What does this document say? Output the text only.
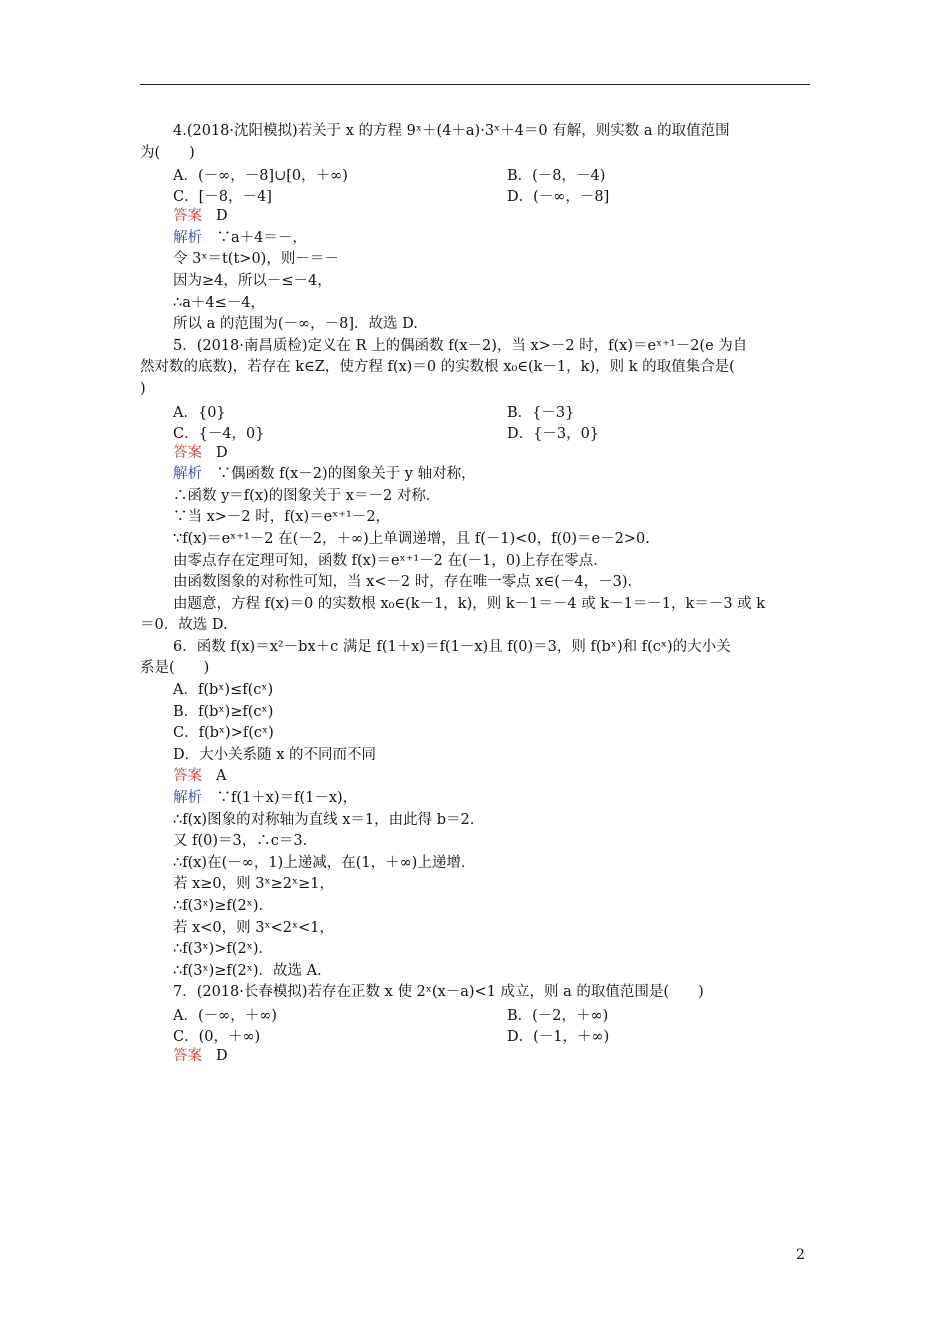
4.(2018·沈阳模拟)若关于 x 的方程 9ˣ＋(4＋a)·3ˣ＋4＝0 有解，则实数 a 的取值范围
为(　　)
A．(－∞，－8]∪[0，＋∞)	B．(－8，－4)
C．[－8，－4]	D．(－∞，－8]
答案 D
解析　 ∵a＋4＝－，
令 3ˣ＝t(t>0)，则－＝－
因为≥4，所以－≤－4，
∴a＋4≤－4，
所以 a 的范围为(－∞，－8]．故选 D.
5．(2018·南昌质检)定义在 R 上的偶函数 f(x－2)，当 x>－2 时，f(x)＝eˣ⁺¹－2(e 为自
然对数的底数)，若存在 k∈Z，使方程 f(x)＝0 的实数根 x₀∈(k－1，k)，则 k 的取值集合是(
)
A．{0}	B．{－3}
C．{－4，0}	D．{－3，0}
答案 D
解析　 ∵偶函数 f(x－2)的图象关于 y 轴对称，
∴函数 y＝f(x)的图象关于 x＝－2 对称．
∵当 x>－2 时，f(x)＝eˣ⁺¹－2，
∵f(x)＝eˣ⁺¹－2 在(－2，＋∞)上单调递增，且 f(－1)<0，f(0)＝e－2>0.
由零点存在定理可知，函数 f(x)＝eˣ⁺¹－2 在(－1，0)上存在零点．
由函数图象的对称性可知，当 x<－2 时，存在唯一零点 x∈(－4，－3)．
由题意，方程 f(x)＝0 的实数根 x₀∈(k－1，k)，则 k－1＝－4 或 k－1＝－1，k＝－3 或 k
＝0．故选 D.
6．函数 f(x)＝x²－bx＋c 满足 f(1＋x)＝f(1－x)且 f(0)＝3，则 f(bˣ)和 f(cˣ)的大小关
系是(　　)
A．f(bˣ)≤f(cˣ)
B．f(bˣ)≥f(cˣ)
C．f(bˣ)>f(cˣ)
D．大小关系随 x 的不同而不同
答案 A
解析　 ∵f(1＋x)＝f(1－x)，
∴f(x)图象的对称轴为直线 x＝1，由此得 b＝2.
又 f(0)＝3，∴c＝3.
∴f(x)在(－∞，1)上递减，在(1，＋∞)上递增．
若 x≥0，则 3ˣ≥2ˣ≥1，
∴f(3ˣ)≥f(2ˣ)．
若 x<0，则 3ˣ<2ˣ<1，
∴f(3ˣ)>f(2ˣ)．
∴f(3ˣ)≥f(2ˣ)．故选 A.
7．(2018·长春模拟)若存在正数 x 使 2ˣ(x－a)<1 成立，则 a 的取值范围是(　　)
A．(－∞，＋∞)	B．(－2，＋∞)
C．(0，＋∞)	D．(－1，＋∞)
答案 D
2
